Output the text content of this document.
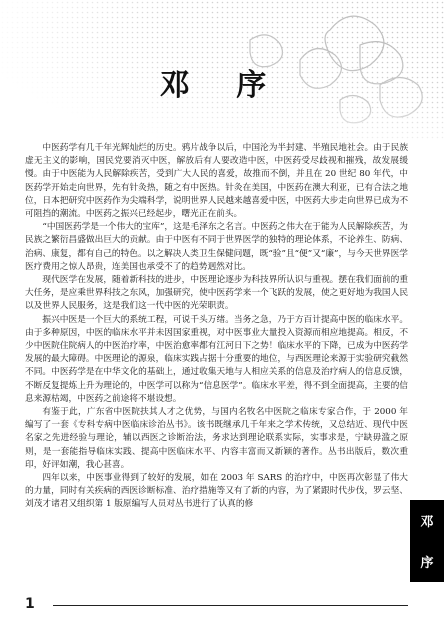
邓 序

中医药学有几千年光辉灿烂的历史。鸦片战争以后，中国沦为半封建、半殖民地社会。由于民族虚无主义的影响，国民党要消灭中医，解放后有人要改造中医，中医药受尽歧视和摧残，故发展缓慢。由于中医能为人民解除疾苦，受到广大人民的喜爱，故推而不倒，并且在 20 世纪 80 年代，中医药学开始走向世界，先有针灸热，随之有中医热。针灸在美国，中医药在澳大利亚，已有合法之地位，日本把研究中医药作为尖端科学，说明世界人民越来越喜爱中医，中医药大步走向世界已成为不可阻挡的潮流。中医药之振兴已经起步，曙光正在前头。

“中国医药学是一个伟大的宝库”，这是毛泽东之名言。中医药之伟大在于能为人民解除疾苦，为民族之繁衍昌盛做出巨大的贡献。由于中医有不同于世界医学的独特的理论体系，不论养生、防病、治病、康复，都有自己的特色。以之解决人类卫生保健问题，既“验”且“便”又“廉”，与今天世界医学医疗费用之惊人昂贵，连美国也承受不了的趋势迥然对比。

现代医学在发展，随着新科技的进步，中医理论逐步为科技界所认识与重视。摆在我们面前的重大任务，是应乘世界科技之东风，加强研究，使中医药学来一个飞跃的发展，使之更好地为我国人民以及世界人民服务，这是我们这一代中医的光荣职责。

振兴中医是一个巨大的系统工程，可说千头万绪。当务之急，乃于方百计提高中医的临床水平。由于多种原因，中医的临床水平并未因国家重视，对中医事业大量投入资源而相应地提高。相反，不少中医院住院病人的中医治疗率，中医治愈率都有江河日下之势！临床水平的下降，已成为中医药学发展的最大障碍。中医理论的源泉，临床实践占据十分重要的地位，与西医理论来源于实验研究截然不同。中医药学是在中华文化的基础上，通过收集天地与人相应关系的信息及治疗病人的信息反馈，不断反复提炼上升为理论的，中医学可以称为“信息医学”。临床水平差，得不到全面提高，主要的信息来源枯竭，中医药之前途将不堪设想。

有鉴于此，广东省中医院扶其人才之优势，与国内名牧名中医院之临床专家合作，于 2000 年编写了一套《专科专病中医临床诊治丛书》。该书既继承几千年来之学术传统，又总结近、现代中医名家之先进经验与理论，辅以西医之诊断治法，务求达到理论联系实际，实事求是，宁缺毋滥之原则，是一套能指导临床实践、提高中医临床水平、内容丰富而又新颖的著作。丛书出版后，数次重印，好评如潮，我心甚喜。

四年以来，中医事业得到了较好的发展，如在 2003 年 SARS 的治疗中，中医再次彰显了伟大的力量，同时有关疾病的西医诊断标准、治疗措施等又有了新的内容，为了紧跟时代步伐，罗云坚、刘茂才诸君又组织第 1 版原编写人员对丛书进行了认真的修

邓
序
1
